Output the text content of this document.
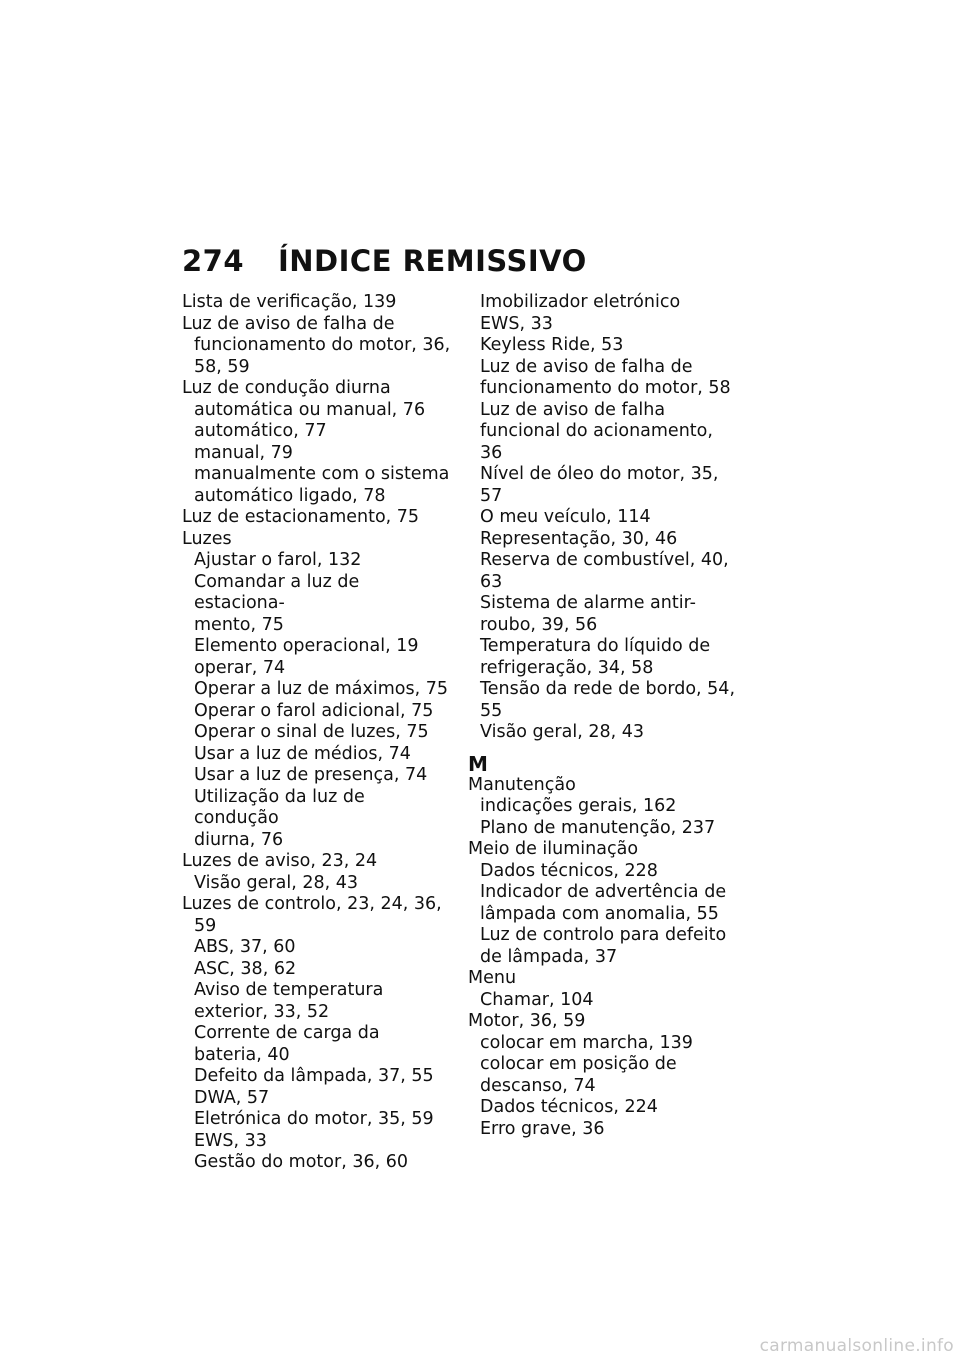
274 ÍNDICE REMISSIVO
Lista de verificação, 139
Luz de aviso de falha de
funcionamento do motor, 36,
58, 59
Luz de condução diurna
automática ou manual, 76
automático, 77
manual, 79
manualmente com o sistema
automático ligado, 78
Luz de estacionamento, 75
Luzes
Ajustar o farol, 132
Comandar a luz de estaciona-
mento, 75
Elemento operacional, 19
operar, 74
Operar a luz de máximos, 75
Operar o farol adicional, 75
Operar o sinal de luzes, 75
Usar a luz de médios, 74
Usar a luz de presença, 74
Utilização da luz de condução
diurna, 76
Luzes de aviso, 23, 24
Visão geral, 28, 43
Luzes de controlo, 23, 24, 36,
59
ABS, 37, 60
ASC, 38, 62
Aviso de temperatura
exterior, 33, 52
Corrente de carga da
bateria, 40
Defeito da lâmpada, 37, 55
DWA, 57
Eletrónica do motor, 35, 59
EWS, 33
Gestão do motor, 36, 60
Imobilizador eletrónico
EWS, 33
Keyless Ride, 53
Luz de aviso de falha de
funcionamento do motor, 58
Luz de aviso de falha
funcional do acionamento, 36
Nível de óleo do motor, 35,
57
O meu veículo, 114
Representação, 30, 46
Reserva de combustível, 40,
63
Sistema de alarme antir-
roubo, 39, 56
Temperatura do líquido de
refrigeração, 34, 58
Tensão da rede de bordo, 54,
55
Visão geral, 28, 43
M
Manutenção
indicações gerais, 162
Plano de manutenção, 237
Meio de iluminação
Dados técnicos, 228
Indicador de advertência de
lâmpada com anomalia, 55
Luz de controlo para defeito
de lâmpada, 37
Menu
Chamar, 104
Motor, 36, 59
colocar em marcha, 139
colocar em posição de
descanso, 74
Dados técnicos, 224
Erro grave, 36
carmanualsonline.info
